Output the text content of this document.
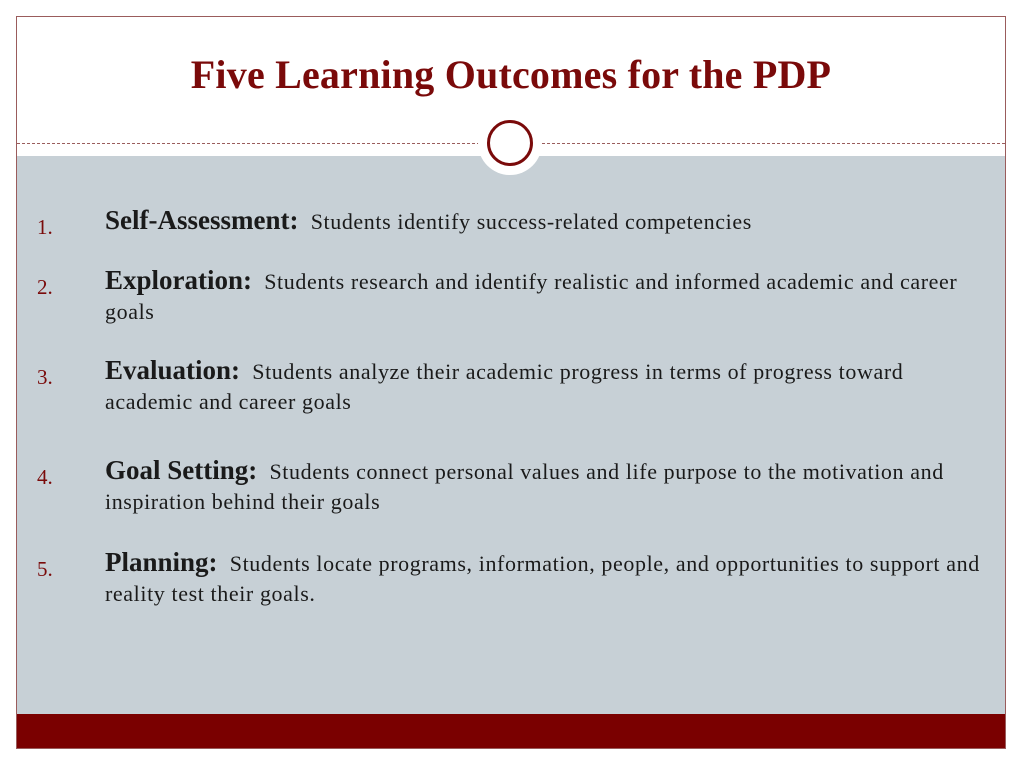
Five Learning Outcomes for the PDP
1. Self-Assessment: Students identify success-related competencies
2. Exploration: Students research and identify realistic and informed academic and career goals
3. Evaluation: Students analyze their academic progress in terms of progress toward academic and career goals
4. Goal Setting: Students connect personal values and life purpose to the motivation and inspiration behind their goals
5. Planning: Students locate programs, information, people, and opportunities to support and reality test their goals.
